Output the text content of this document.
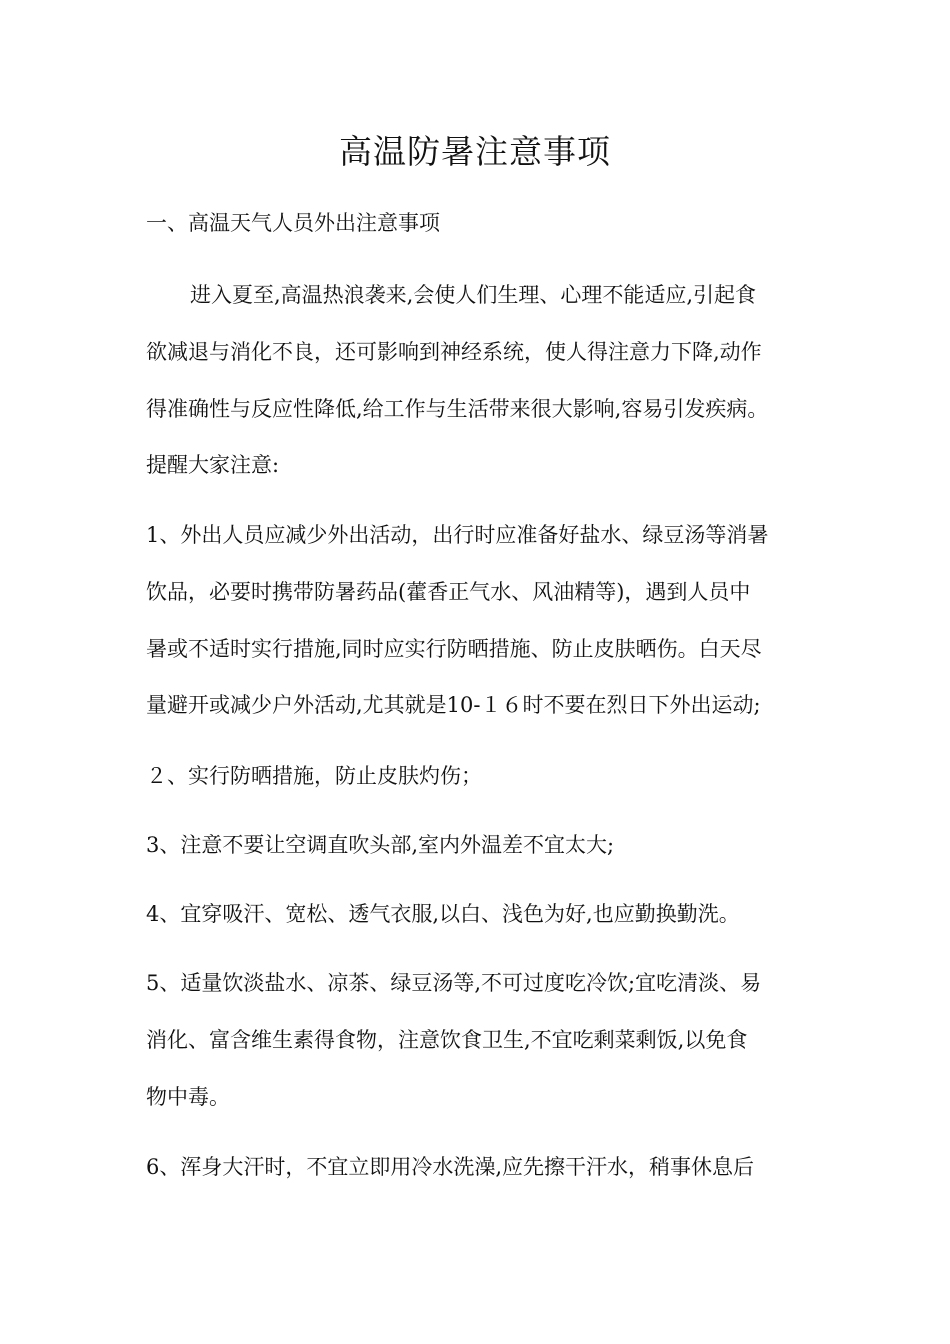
高温防暑注意事项
一、高温天气人员外出注意事项
进入夏至,高温热浪袭来,会使人们生理、心理不能适应,引起食
欲减退与消化不良，还可影响到神经系统，使人得注意力下降,动作
得准确性与反应性降低,给工作与生活带来很大影响,容易引发疾病。
提醒大家注意:
1、外出人员应减少外出活动，出行时应准备好盐水、绿豆汤等消暑
饮品，必要时携带防暑药品(藿香正气水、风油精等)，遇到人员中
暑或不适时实行措施,同时应实行防晒措施、防止皮肤晒伤。白天尽
量避开或减少户外活动,尤其就是10-１６时不要在烈日下外出运动;
２、实行防晒措施，防止皮肤灼伤；
3、注意不要让空调直吹头部,室内外温差不宜太大;
4、宜穿吸汗、宽松、透气衣服,以白、浅色为好,也应勤换勤洗。
5、适量饮淡盐水、凉茶、绿豆汤等,不可过度吃冷饮;宜吃清淡、易
消化、富含维生素得食物，注意饮食卫生,不宜吃剩菜剩饭,以免食
物中毒。
6、浑身大汗时，不宜立即用冷水洗澡,应先擦干汗水，稍事休息后
